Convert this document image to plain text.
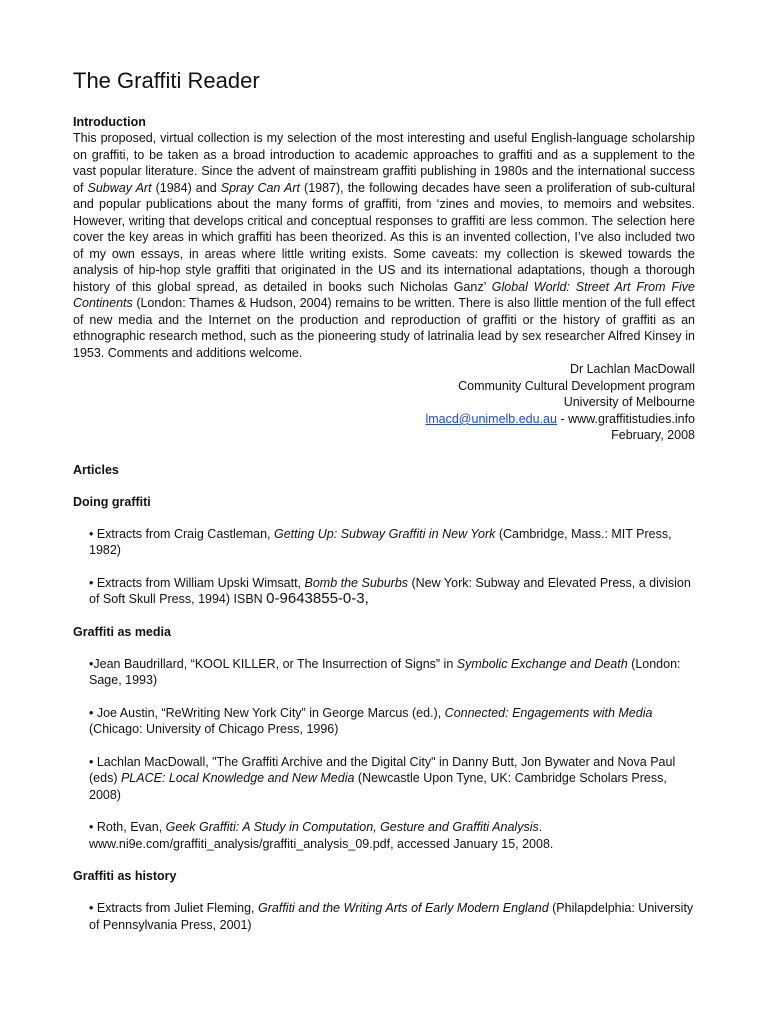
The Graffiti Reader

Introduction

This proposed, virtual collection is my selection of the most interesting and useful English-language scholarship on graffiti, to be taken as a broad introduction to academic approaches to graffiti and as a supplement to the vast popular literature. Since the advent of mainstream graffiti publishing in 1980s and the international success of Subway Art (1984) and Spray Can Art (1987), the following decades have seen a proliferation of sub-cultural and popular publications about the many forms of graffiti, from ‘zines and movies, to memoirs and websites. However, writing that develops critical and conceptual responses to graffiti are less common. The selection here cover the key areas in which graffiti has been theorized. As this is an invented collection, I’ve also included two of my own essays, in areas where little writing exists. Some caveats: my collection is skewed towards the analysis of hip-hop style graffiti that originated in the US and its international adaptations, though a thorough history of this global spread, as detailed in books such Nicholas Ganz’ Global World: Street Art From Five Continents (London: Thames & Hudson, 2004) remains to be written. There is also llittle mention of the full effect of new media and the Internet on the production and reproduction of graffiti or the history of graffiti as an ethnographic research method, such as the pioneering study of latrinalia lead by sex researcher Alfred Kinsey in 1953. Comments and additions welcome.

Dr Lachlan MacDowall

Community Cultural Development program

University of Melbourne

lmacd@unimelb.edu.au - www.graffitistudies.info

February, 2008

Articles

Doing graffiti

• Extracts from Craig Castleman, Getting Up: Subway Graffiti in New York (Cambridge, Mass.: MIT Press, 1982)

• Extracts from William Upski Wimsatt, Bomb the Suburbs (New York: Subway and Elevated Press, a division of Soft Skull Press, 1994) ISBN 0-9643855-0-3,

Graffiti as media

•Jean Baudrillard, “KOOL KILLER, or The Insurrection of Signs” in Symbolic Exchange and Death (London: Sage, 1993)

• Joe Austin, “ReWriting New York City” in George Marcus (ed.), Connected: Engagements with Media (Chicago: University of Chicago Press, 1996)

• Lachlan MacDowall, "The Graffiti Archive and the Digital City" in Danny Butt, Jon Bywater and Nova Paul (eds) PLACE: Local Knowledge and New Media (Newcastle Upon Tyne, UK: Cambridge Scholars Press, 2008)

• Roth, Evan, Geek Graffiti: A Study in Computation, Gesture and Graffiti Analysis. www.ni9e.com/graffiti_analysis/graffiti_analysis_09.pdf, accessed January 15, 2008.

Graffiti as history

• Extracts from Juliet Fleming, Graffiti and the Writing Arts of Early Modern England (Philapdelphia: University of Pennsylvania Press, 2001)
